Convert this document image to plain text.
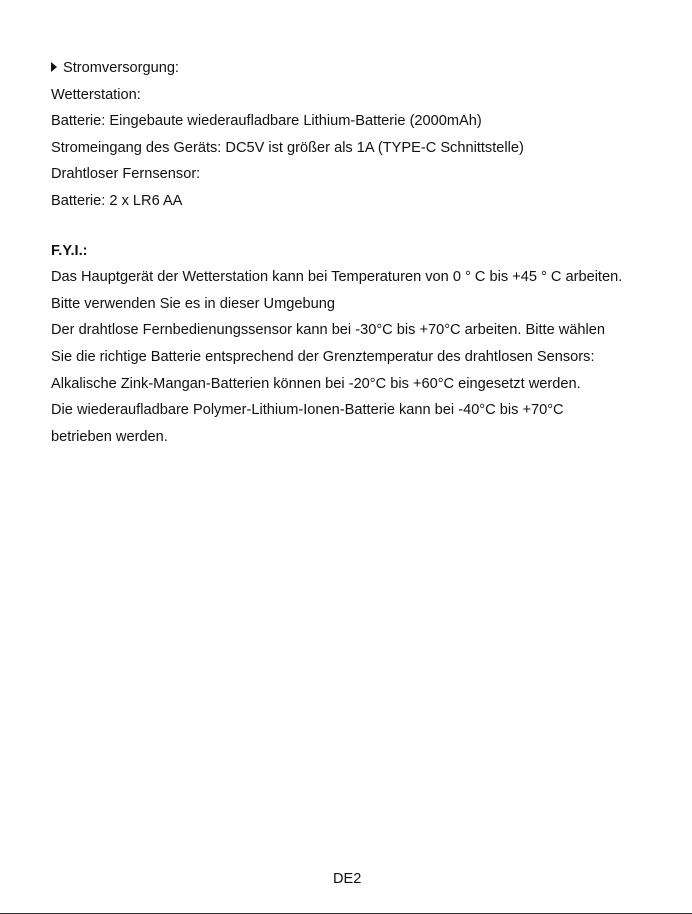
Stromversorgung:
Wetterstation:
Batterie: Eingebaute wiederaufladbare Lithium-Batterie (2000mAh)
Stromeingang des Geräts: DC5V ist größer als 1A (TYPE-C Schnittstelle)
Drahtloser Fernsensor:
Batterie: 2 x LR6 AA
F.Y.I.:
Das Hauptgerät der Wetterstation kann bei Temperaturen von 0 ° C bis +45 ° C arbeiten.
Bitte verwenden Sie es in dieser Umgebung
Der drahtlose Fernbedienungssensor kann bei -30°C bis +70°C arbeiten. Bitte wählen
Sie die richtige Batterie entsprechend der Grenztemperatur des drahtlosen Sensors:
Alkalische Zink-Mangan-Batterien können bei -20°C bis +60°C eingesetzt werden.
Die wiederaufladbare Polymer-Lithium-Ionen-Batterie kann bei -40°C bis +70°C
betrieben werden.
DE2
